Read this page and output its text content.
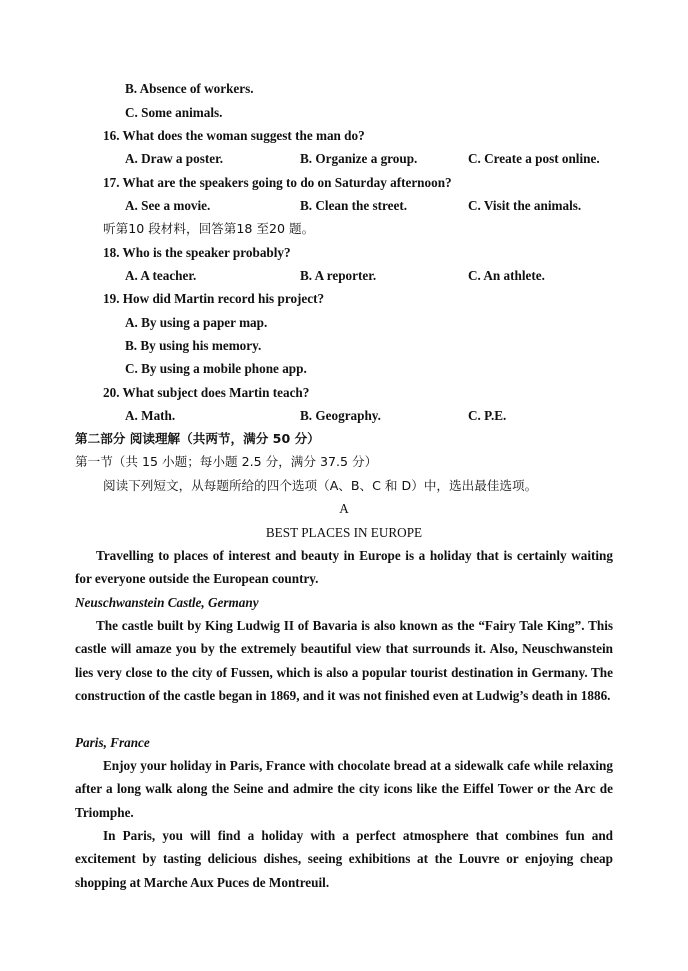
B. Absence of workers.
C. Some animals.
16. What does the woman suggest the man do?
A. Draw a poster.	B. Organize a group.	C. Create a post online.
17. What are the speakers going to do on Saturday afternoon?
A. See a movie.	B. Clean the street.	C. Visit the animals.
听第10 段材料，回答第18 至20 题。
18. Who is the speaker probably?
A. A teacher.	B. A reporter.	C. An athlete.
19. How did Martin record his project?
A. By using a paper map.
B. By using his memory.
C. By using a mobile phone app.
20. What subject does Martin teach?
A. Math.	B. Geography.	C. P.E.
第二部分 阅读理解（共两节，满分 50 分）
第一节（共 15 小题；每小题 2.5 分，满分 37.5 分）
阅读下列短文，从每题所给的四个选项（A、B、C 和 D）中，选出最佳选项。
A
BEST PLACES IN EUROPE
Travelling to places of interest and beauty in Europe is a holiday that is certainly waiting for everyone outside the European country.
Neuschwanstein Castle, Germany
The castle built by King Ludwig II of Bavaria is also known as the “Fairy Tale King”. This castle will amaze you by the extremely beautiful view that surrounds it. Also, Neuschwanstein lies very close to the city of Fussen, which is also a popular tourist destination in Germany. The construction of the castle began in 1869, and it was not finished even at Ludwig’s death in 1886.
Paris, France
Enjoy your holiday in Paris, France with chocolate bread at a sidewalk cafe while relaxing after a long walk along the Seine and admire the city icons like the Eiffel Tower or the Arc de Triomphe.
In Paris, you will find a holiday with a perfect atmosphere that combines fun and excitement by tasting delicious dishes, seeing exhibitions at the Louvre or enjoying cheap shopping at Marche Aux Puces de Montreuil.
